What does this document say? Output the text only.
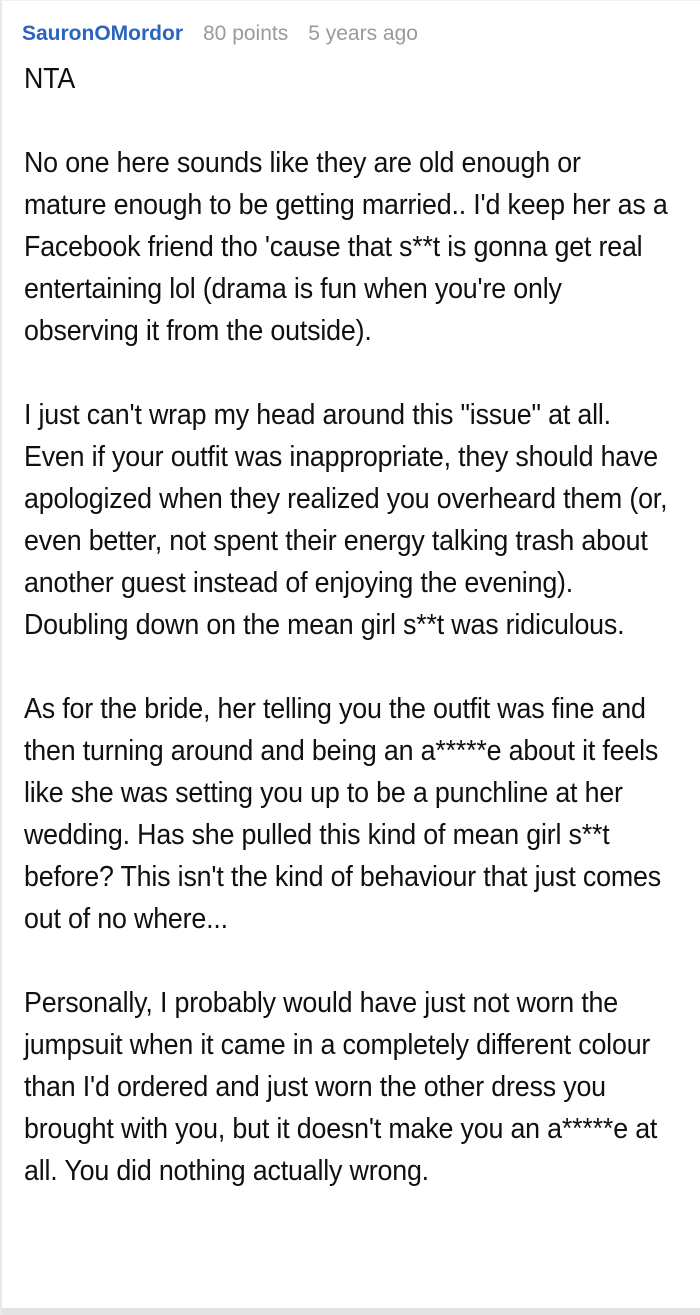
SauronOMordor 80 points 5 years ago

NTA

No one here sounds like they are old enough or mature enough to be getting married.. I'd keep her as a Facebook friend tho 'cause that s**t is gonna get real entertaining lol (drama is fun when you're only observing it from the outside).

I just can't wrap my head around this "issue" at all. Even if your outfit was inappropriate, they should have apologized when they realized you overheard them (or, even better, not spent their energy talking trash about another guest instead of enjoying the evening). Doubling down on the mean girl s**t was ridiculous.

As for the bride, her telling you the outfit was fine and then turning around and being an a*****e about it feels like she was setting you up to be a punchline at her wedding. Has she pulled this kind of mean girl s**t before? This isn't the kind of behaviour that just comes out of no where...

Personally, I probably would have just not worn the jumpsuit when it came in a completely different colour than I'd ordered and just worn the other dress you brought with you, but it doesn't make you an a*****e at all. You did nothing actually wrong.
